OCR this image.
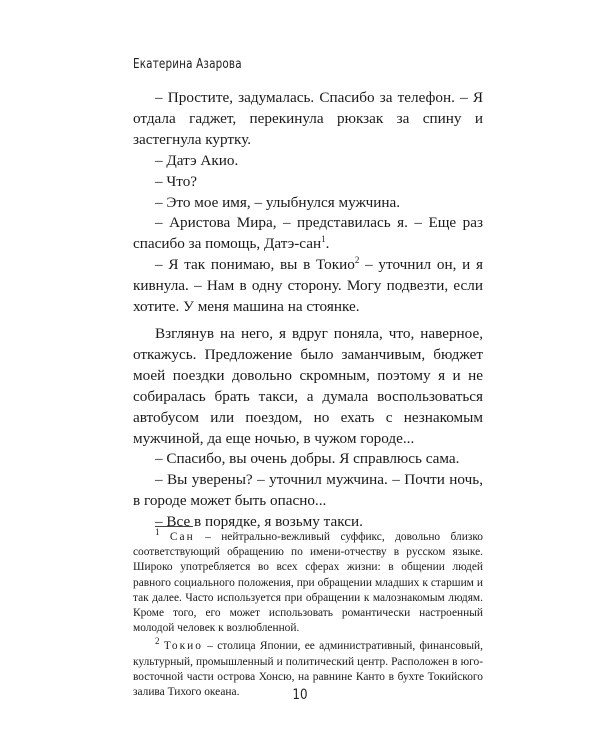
Екатерина Азарова

– Простите, задумалась. Спасибо за телефон. – Я отдала гаджет, перекинула рюкзак за спину и застегнула куртку.

– Датэ Акио.

– Что?

– Это мое имя, – улыбнулся мужчина.

– Аристова Мира, – представилась я. – Еще раз спасибо за помощь, Датэ-сан$^1$.

– Я так понимаю, вы в Токио$^2$ – уточнил он, и я кивнула. – Нам в одну сторону. Могу подвезти, если хотите. У меня машина на стоянке.

Взглянув на него, я вдруг поняла, что, наверное, откажусь. Предложение было заманчивым, бюджет моей поездки довольно скромным, поэтому я и не собиралась брать такси, а думала воспользоваться автобусом или поездом, но ехать с незнакомым мужчиной, да еще ночью, в чужом городе...

– Спасибо, вы очень добры. Я справлюсь сама.

– Вы уверены? – уточнил мужчина. – Почти ночь, в городе может быть опасно...

– Все в порядке, я возьму такси.

$^1$ Сан – нейтрально-вежливый суффикс, довольно близко соответствующий обращению по имени-отчеству в русском языке. Широко употребляется во всех сферах жизни: в общении людей равного социального положения, при обращении младших к старшим и так далее. Часто используется при обращении к малознакомым людям. Кроме того, его может использовать романтически настроенный молодой человек к возлюбленной.

$^2$ Токио – столица Японии, ее административный, финансовый, культурный, промышленный и политический центр. Расположен в юго-восточной части острова Хонсю, на равнине Канто в бухте Токийского залива Тихого океана.	10
